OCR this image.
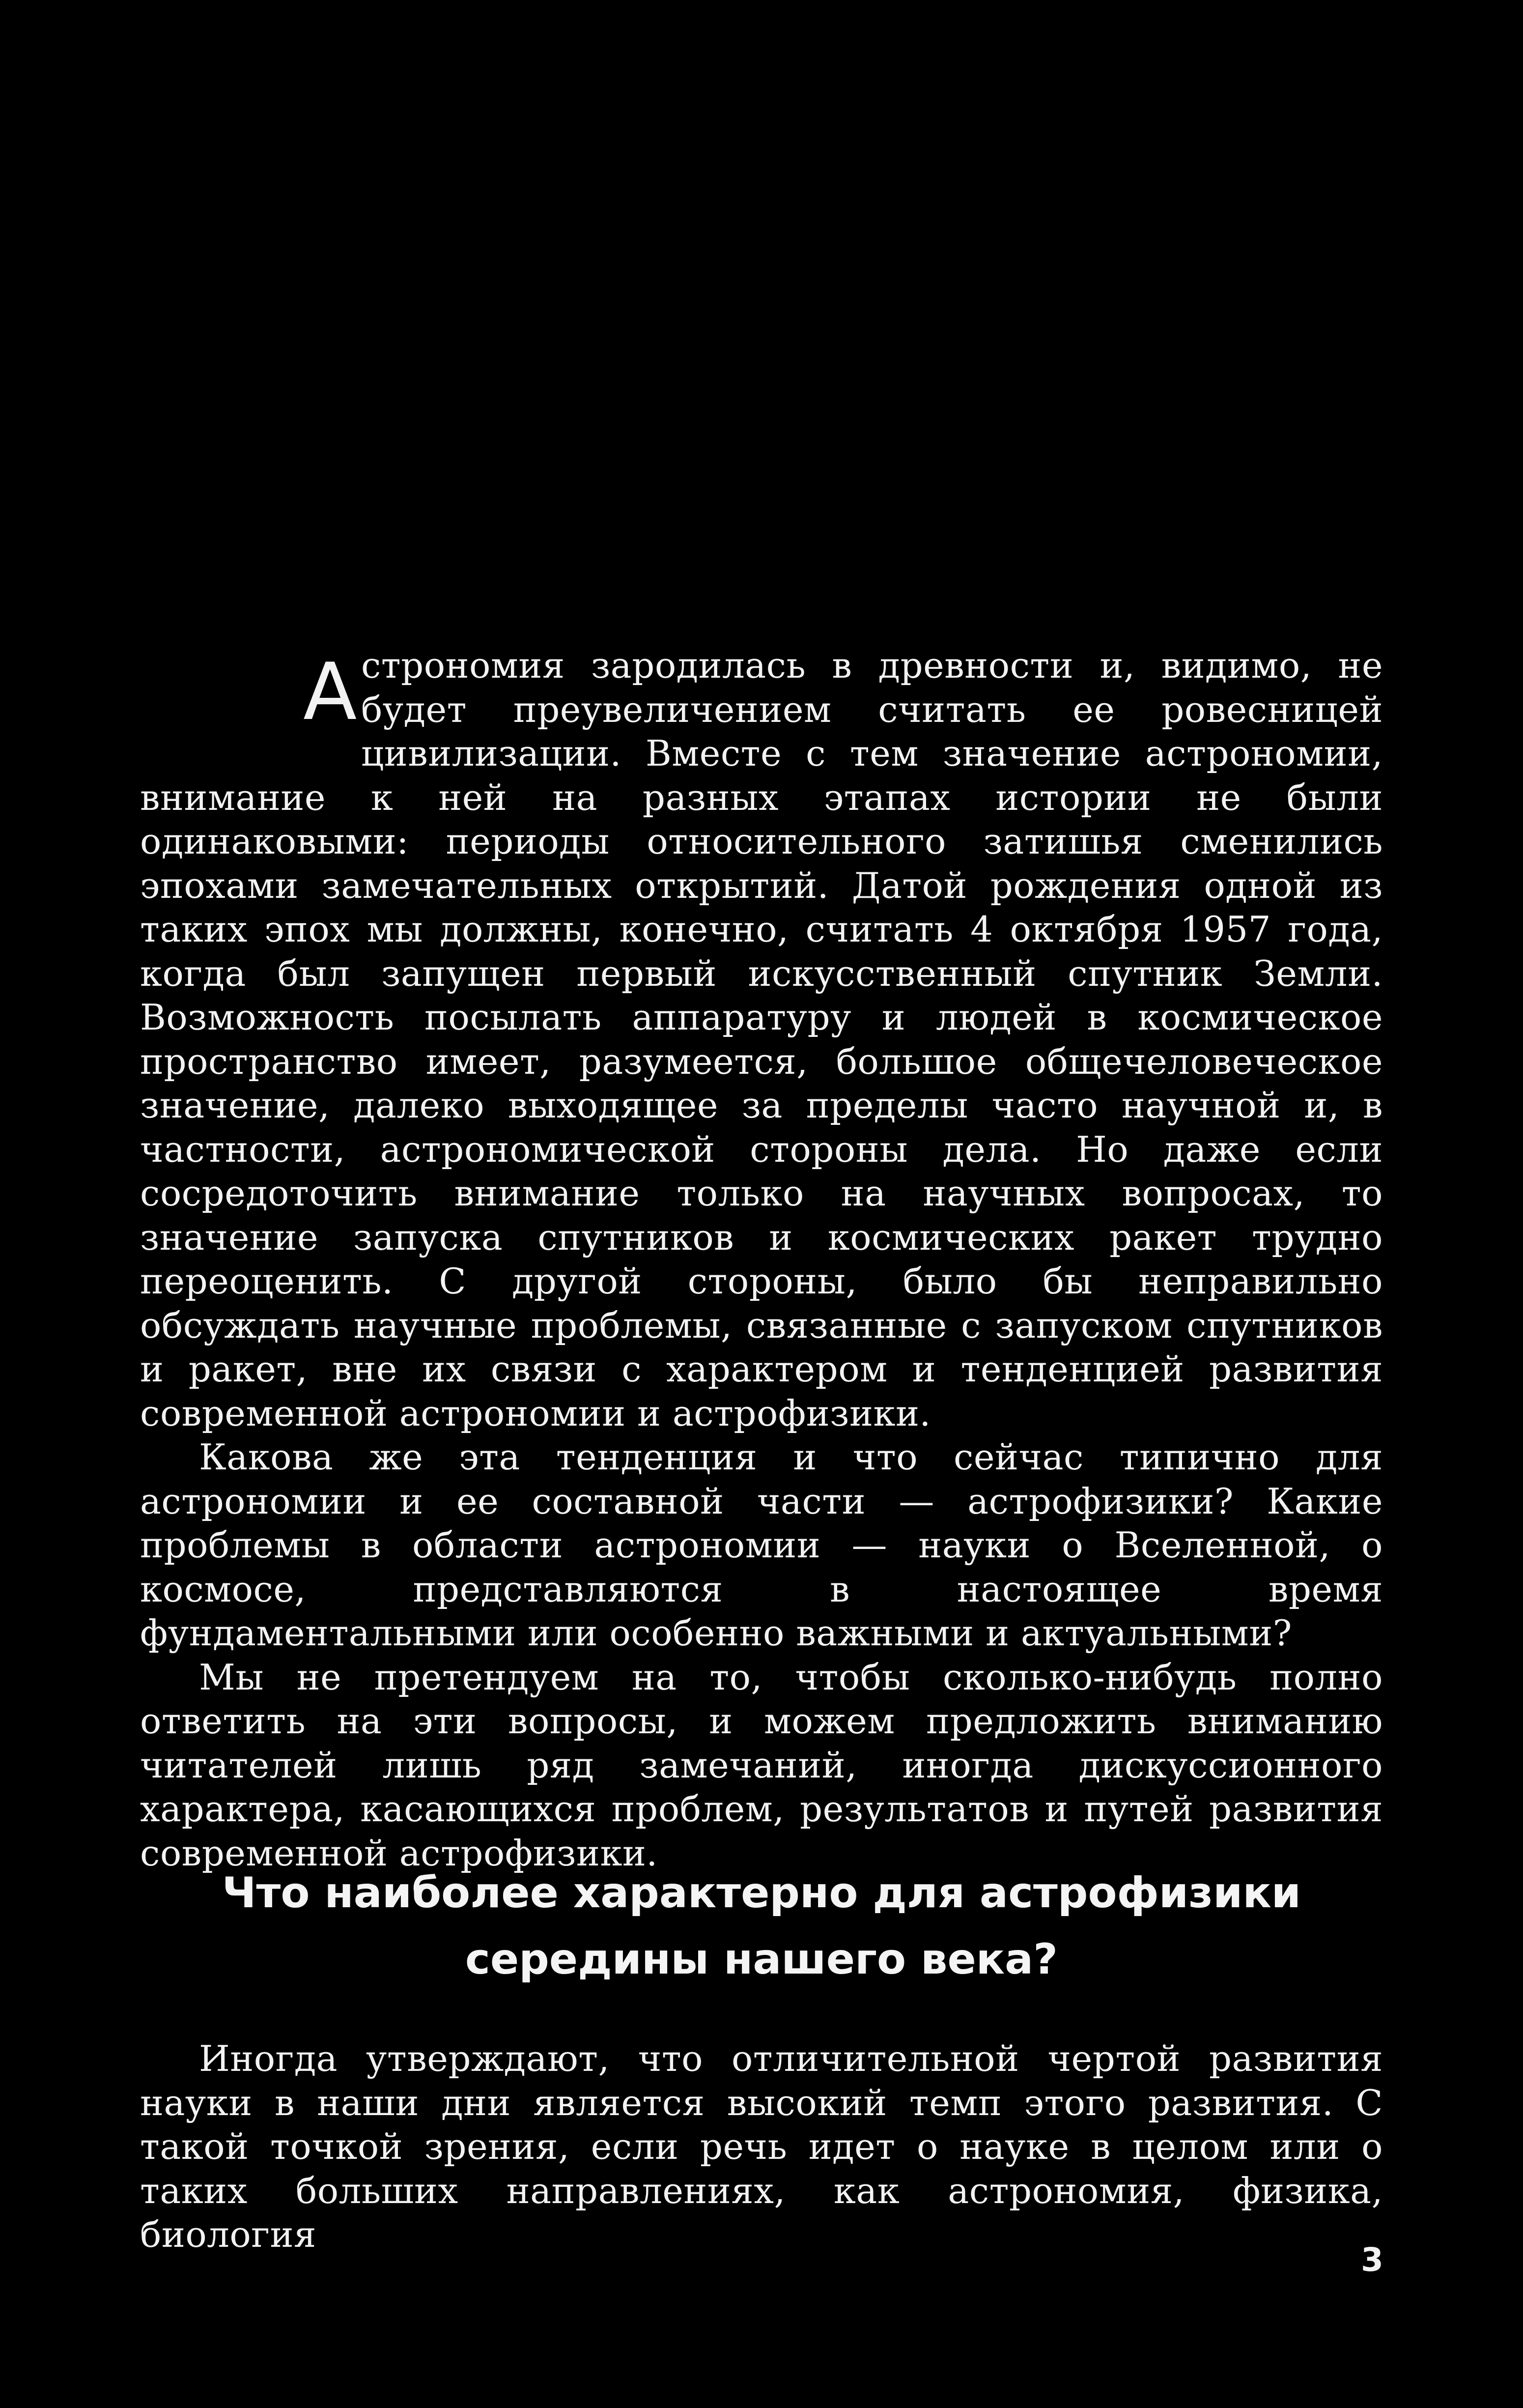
Астрономия зародилась в древности и, видимо, не будет преувеличением считать ее ровесницей цивилизации. Вместе с тем значение астрономии, внимание к ней на разных этапах истории не были одинаковыми: периоды относительного затишья сменились эпохами замечательных открытий. Датой рождения одной из таких эпох мы должны, конечно, считать 4 октября 1957 года, когда был запущен первый искусственный спутник Земли. Возможность посылать аппаратуру и людей в космическое пространство имеет, разумеется, большое общечеловеческое значение, далеко выходящее за пределы часто научной и, в частности, астрономической стороны дела. Но даже если сосредоточить внимание только на научных вопросах, то значение запуска спутников и космических ракет трудно переоценить. С другой стороны, было бы неправильно обсуждать научные проблемы, связанные с запуском спутников и ракет, вне их связи с характером и тенденцией развития современной астрономии и астрофизики.

Какова же эта тенденция и что сейчас типично для астрономии и ее составной части — астрофизики? Какие проблемы в области астрономии — науки о Вселенной, о космосе, представляются в настоящее время фундаментальными или особенно важными и актуальными?

Мы не претендуем на то, чтобы сколько-нибудь полно ответить на эти вопросы, и можем предложить вниманию читателей лишь ряд замечаний, иногда дискуссионного характера, касающихся проблем, результатов и путей развития современной астрофизики.

Что наиболее характерно для астрофизики
середины нашего века?

Иногда утверждают, что отличительной чертой развития науки в наши дни является высокий темп этого развития. С такой точкой зрения, если речь идет о науке в целом или о таких больших направлениях, как астрономия, физика, биология

3
